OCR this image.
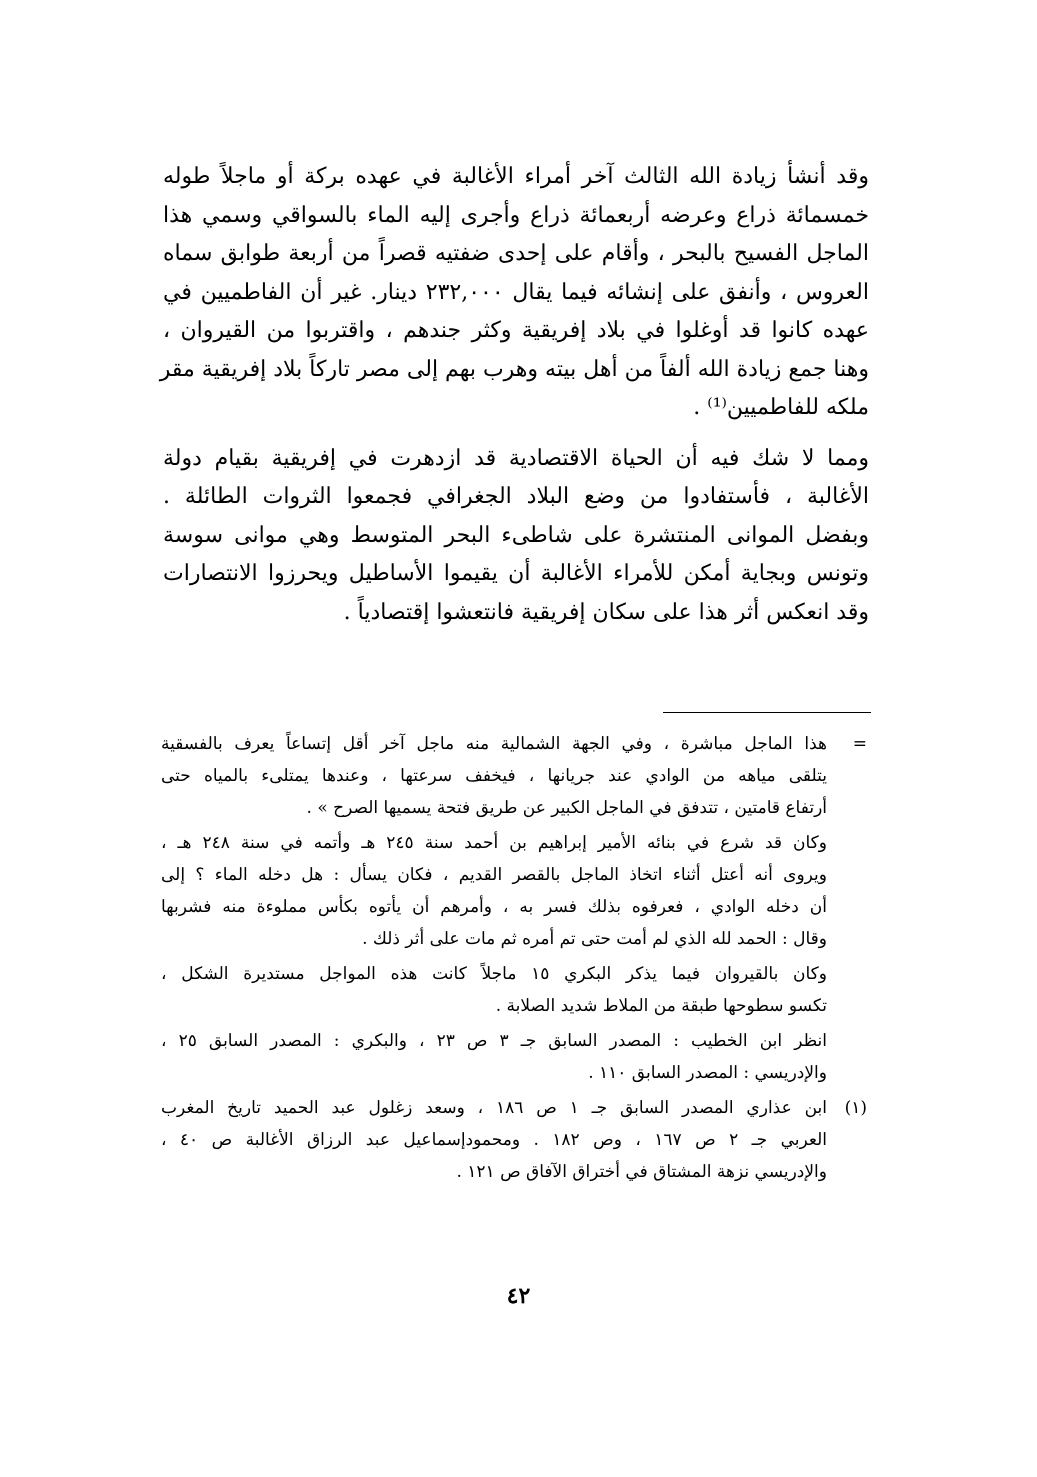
وقد أنشأ زيادة الله الثالث آخر أمراء الأغالبة في عهده بركة أو ماجلاً طوله
خمسمائة ذراع وعرضه أربعمائة ذراع وأجرى إليه الماء بالسواقي وسمي هذا
الماجل الفسيح بالبحر ، وأقام على إحدى ضفتيه قصراً من أربعة طوابق سماه
العروس ، وأنفق على إنشائه فيما يقال ٢٣٢,٠٠٠ دينار. غير أن الفاطميين في
عهده كانوا قد أوغلوا في بلاد إفريقية وكثر جندهم ، واقتربوا من القيروان ،
وهنا جمع زيادة الله ألفاً من أهل بيته وهرب بهم إلى مصر تاركاً بلاد إفريقية مقر
ملكه للفاطميين⁽¹⁾ .

ومما لا شك فيه أن الحياة الاقتصادية قد ازدهرت في إفريقية بقيام دولة
الأغالبة ، فأستفادوا من وضع البلاد الجغرافي فجمعوا الثروات الطائلة .
وبفضل الموانى المنتشرة على شاطىء البحر المتوسط وهي موانى سوسة
وتونس وبجاية أمكن للأمراء الأغالبة أن يقيموا الأساطيل ويحرزوا الانتصارات
وقد انعكس أثر هذا على سكان إفريقية فانتعشوا إقتصادياً .

=
هذا الماجل مباشرة ، وفي الجهة الشمالية منه ماجل آخر أقل إتساعاً يعرف بالفسقية
يتلقى مياهه من الوادي عند جريانها ، فيخفف سرعتها ، وعندها يمتلىء بالمياه حتى
أرتفاع قامتين ، تتدفق في الماجل الكبير عن طريق فتحة يسميها الصرح » .
وكان قد شرع في بنائه الأمير إبراهيم بن أحمد سنة ٢٤٥ هـ وأتمه في سنة ٢٤٨ هـ ،
ويروى أنه أعتل أثناء اتخاذ الماجل بالقصر القديم ، فكان يسأل : هل دخله الماء ؟ إلى
أن دخله الوادي ، فعرفوه بذلك فسر به ، وأمرهم أن يأتوه بكأس مملوءة منه فشربها
وقال : الحمد لله الذي لم أمت حتى تم أمره ثم مات على أثر ذلك .
وكان بالقيروان فيما يذكر البكري ١٥ ماجلاً كانت هذه المواجل مستديرة الشكل ،
تكسو سطوحها طبقة من الملاط شديد الصلابة .
انظر ابن الخطيب : المصدر السابق جـ ٣ ص ٢٣ ، والبكري : المصدر السابق ٢٥ ،
والإدريسي : المصدر السابق ١١٠ .
(١)
ابن عذاري المصدر السابق جـ ١ ص ١٨٦ ، وسعد زغلول عبد الحميد تاريخ المغرب
العربي جـ ٢ ص ١٦٧ ، وص ١٨٢ . ومحمودإسماعيل عبد الرزاق الأغالبة ص ٤٠ ،
والإدريسي نزهة المشتاق في أختراق الآفاق ص ١٢١ .
٤٢
